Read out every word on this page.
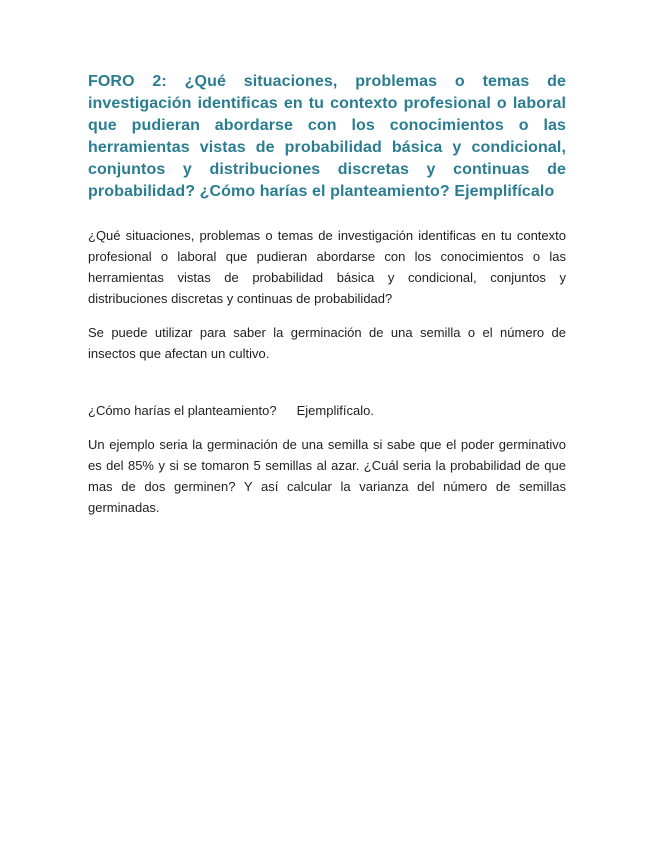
FORO 2: ¿Qué situaciones, problemas o temas de investigación identificas en tu contexto profesional o laboral que pudieran abordarse con los conocimientos o las herramientas vistas de probabilidad básica y condicional, conjuntos y distribuciones discretas y continuas de probabilidad? ¿Cómo harías el planteamiento? Ejemplifícalo

¿Qué situaciones, problemas o temas de investigación identificas en tu contexto profesional o laboral que pudieran abordarse con los conocimientos o las herramientas vistas de probabilidad básica y condicional, conjuntos y distribuciones discretas y continuas de probabilidad?

Se puede utilizar para saber la germinación de una semilla o el número de insectos que afectan un cultivo.

¿Cómo harías el planteamiento? Ejemplifícalo.

Un ejemplo seria la germinación de una semilla si sabe que el poder germinativo es del 85% y si se tomaron 5 semillas al azar. ¿Cuál seria la probabilidad de que mas de dos germinen? Y así calcular la varianza del número de semillas germinadas.
